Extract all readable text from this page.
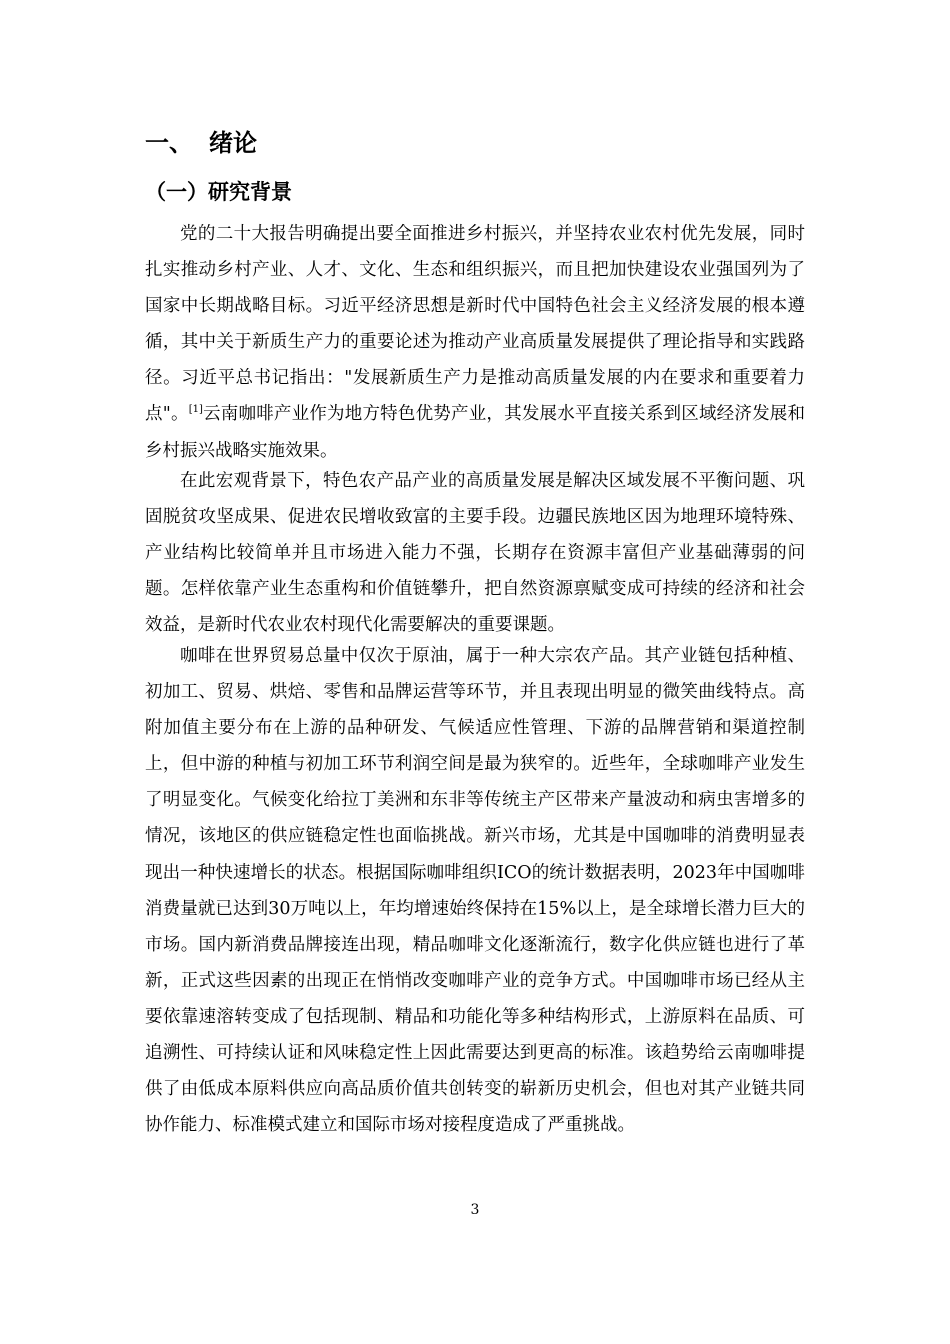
一、 绪论
（一）研究背景

党的二十大报告明确提出要全面推进乡村振兴，并坚持农业农村优先发展，同时扎实推动乡村产业、人才、文化、生态和组织振兴，而且把加快建设农业强国列为了国家中长期战略目标。习近平经济思想是新时代中国特色社会主义经济发展的根本遵循，其中关于新质生产力的重要论述为推动产业高质量发展提供了理论指导和实践路径。习近平总书记指出："发展新质生产力是推动高质量发展的内在要求和重要着力点"。[1]云南咖啡产业作为地方特色优势产业，其发展水平直接关系到区域经济发展和乡村振兴战略实施效果。

在此宏观背景下，特色农产品产业的高质量发展是解决区域发展不平衡问题、巩固脱贫攻坚成果、促进农民增收致富的主要手段。边疆民族地区因为地理环境特殊、产业结构比较简单并且市场进入能力不强，长期存在资源丰富但产业基础薄弱的问题。怎样依靠产业生态重构和价值链攀升，把自然资源禀赋变成可持续的经济和社会效益，是新时代农业农村现代化需要解决的重要课题。

咖啡在世界贸易总量中仅次于原油，属于一种大宗农产品。其产业链包括种植、初加工、贸易、烘焙、零售和品牌运营等环节，并且表现出明显的微笑曲线特点。高附加值主要分布在上游的品种研发、气候适应性管理、下游的品牌营销和渠道控制上，但中游的种植与初加工环节利润空间是最为狭窄的。近些年，全球咖啡产业发生了明显变化。气候变化给拉丁美洲和东非等传统主产区带来产量波动和病虫害增多的情况，该地区的供应链稳定性也面临挑战。新兴市场，尤其是中国咖啡的消费明显表现出一种快速增长的状态。根据国际咖啡组织ICO的统计数据表明，2023年中国咖啡消费量就已达到30万吨以上，年均增速始终保持在15%以上，是全球增长潜力巨大的市场。国内新消费品牌接连出现，精品咖啡文化逐渐流行，数字化供应链也进行了革新，正式这些因素的出现正在悄悄改变咖啡产业的竞争方式。中国咖啡市场已经从主要依靠速溶转变成了包括现制、精品和功能化等多种结构形式，上游原料在品质、可追溯性、可持续认证和风味稳定性上因此需要达到更高的标准。该趋势给云南咖啡提供了由低成本原料供应向高品质价值共创转变的崭新历史机会，但也对其产业链共同协作能力、标准模式建立和国际市场对接程度造成了严重挑战。

3
